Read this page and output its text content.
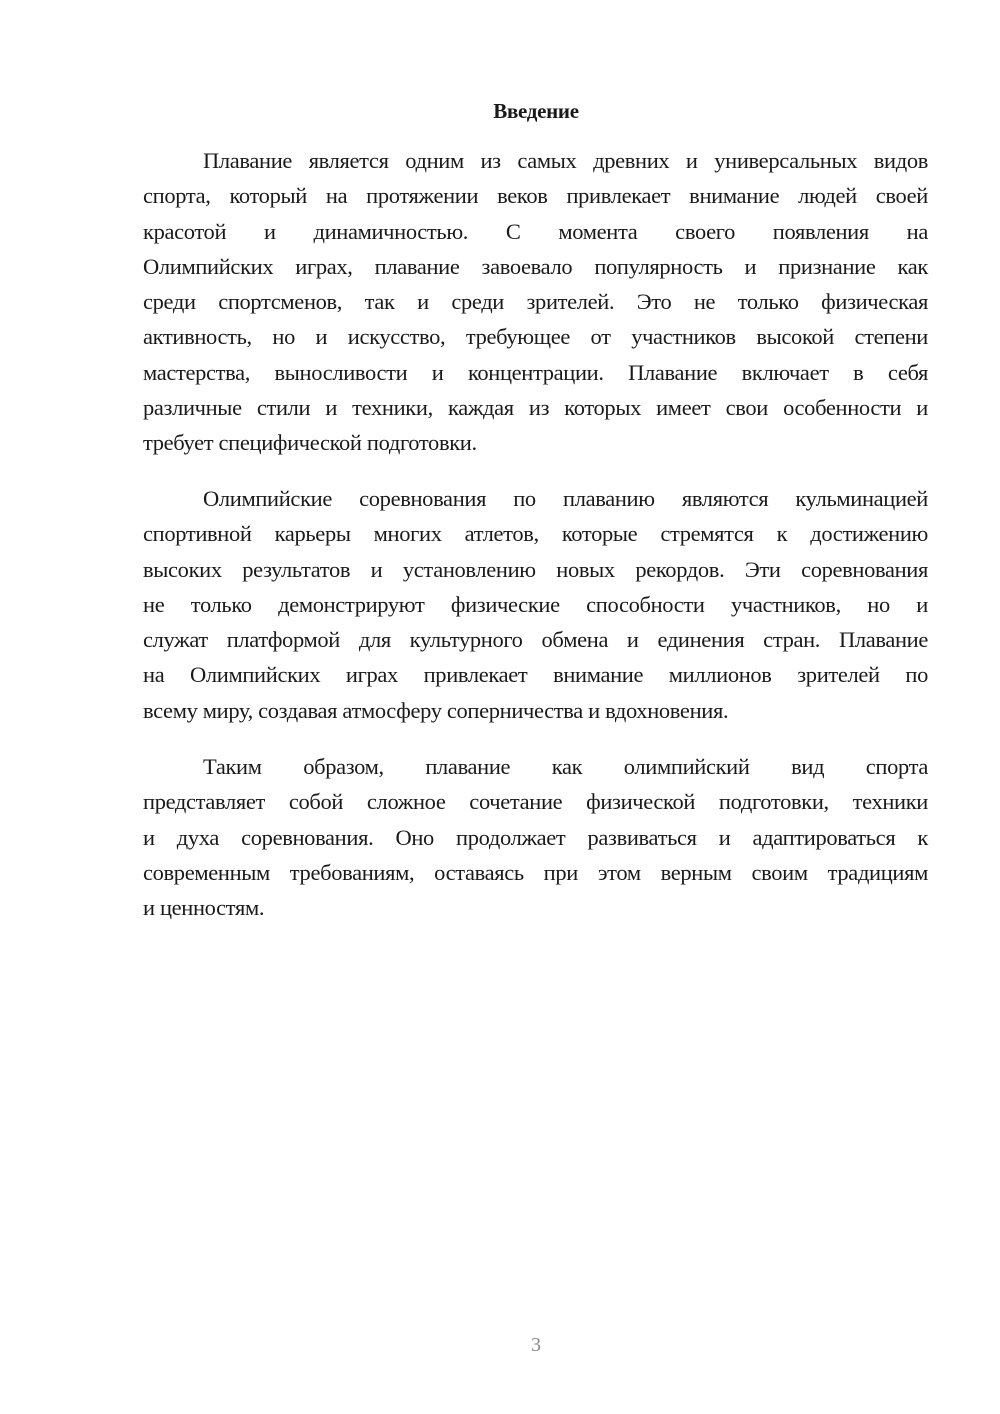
Введение
Плавание является одним из самых древних и универсальных видов
спорта, который на протяжении веков привлекает внимание людей своей
красотой и динамичностью. С момента своего появления на
Олимпийских играх, плавание завоевало популярность и признание как
среди спортсменов, так и среди зрителей. Это не только физическая
активность, но и искусство, требующее от участников высокой степени
мастерства, выносливости и концентрации. Плавание включает в себя
различные стили и техники, каждая из которых имеет свои особенности и
требует специфической подготовки.
Олимпийские соревнования по плаванию являются кульминацией
спортивной карьеры многих атлетов, которые стремятся к достижению
высоких результатов и установлению новых рекордов. Эти соревнования
не только демонстрируют физические способности участников, но и
служат платформой для культурного обмена и единения стран. Плавание
на Олимпийских играх привлекает внимание миллионов зрителей по
всему миру, создавая атмосферу соперничества и вдохновения.
Таким образом, плавание как олимпийский вид спорта
представляет собой сложное сочетание физической подготовки, техники
и духа соревнования. Оно продолжает развиваться и адаптироваться к
современным требованиям, оставаясь при этом верным своим традициям
и ценностям.
3
